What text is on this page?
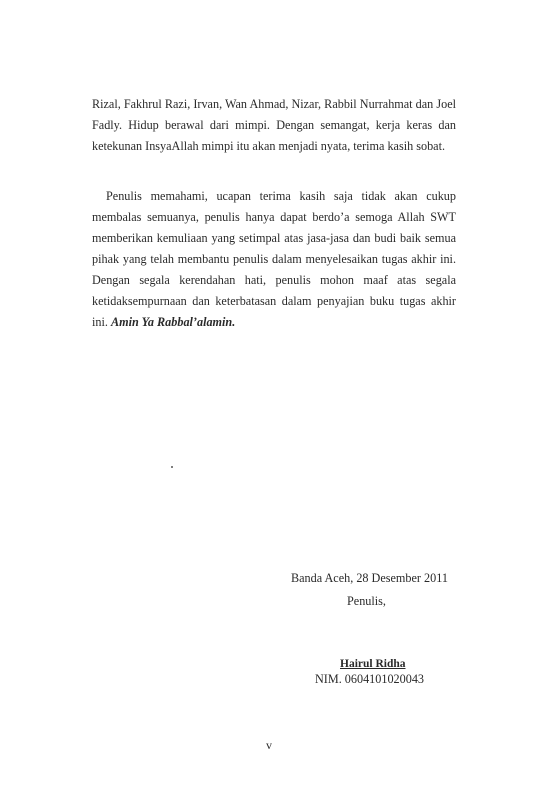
Rizal, Fakhrul Razi, Irvan, Wan Ahmad, Nizar, Rabbil Nurrahmat dan Joel Fadly. Hidup berawal dari mimpi. Dengan semangat, kerja keras dan ketekunan InsyaAllah mimpi itu akan menjadi nyata, terima kasih sobat.

Penulis memahami, ucapan terima kasih saja tidak akan cukup membalas semuanya, penulis hanya dapat berdo’a semoga Allah SWT memberikan kemuliaan yang setimpal atas jasa-jasa dan budi baik semua pihak yang telah membantu penulis dalam menyelesaikan tugas akhir ini. Dengan segala kerendahan hati, penulis mohon maaf atas segala ketidaksempurnaan dan keterbatasan dalam penyajian buku tugas akhir ini. Amin Ya Rabbal’alamin.

Banda Aceh, 28 Desember 2011

Penulis,

Hairul Ridha

NIM. 0604101020043

v
